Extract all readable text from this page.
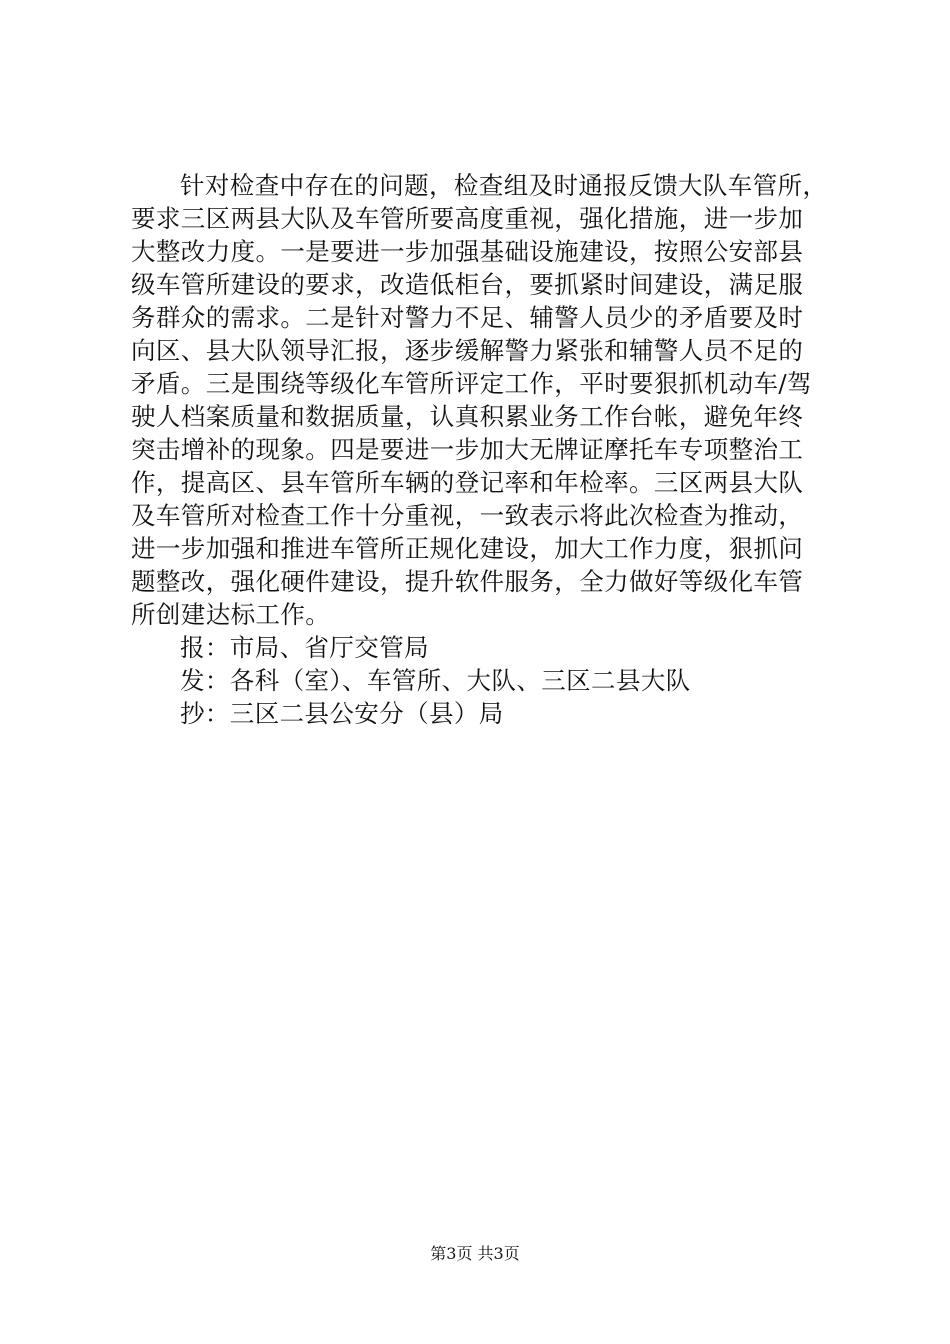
针对检查中存在的问题，检查组及时通报反馈大队车管所，
要求三区两县大队及车管所要高度重视，强化措施，进一步加
大整改力度。一是要进一步加强基础设施建设，按照公安部县
级车管所建设的要求，改造低柜台，要抓紧时间建设，满足服
务群众的需求。二是针对警力不足、辅警人员少的矛盾要及时
向区、县大队领导汇报，逐步缓解警力紧张和辅警人员不足的
矛盾。三是围绕等级化车管所评定工作，平时要狠抓机动车/驾
驶人档案质量和数据质量，认真积累业务工作台帐，避免年终
突击增补的现象。四是要进一步加大无牌证摩托车专项整治工
作，提高区、县车管所车辆的登记率和年检率。三区两县大队
及车管所对检查工作十分重视，一致表示将此次检查为推动，
进一步加强和推进车管所正规化建设，加大工作力度，狠抓问
题整改，强化硬件建设，提升软件服务，全力做好等级化车管
所创建达标工作。
报：市局、省厅交管局
发：各科（室）、车管所、大队、三区二县大队
抄：三区二县公安分（县）局
第3页 共3页
